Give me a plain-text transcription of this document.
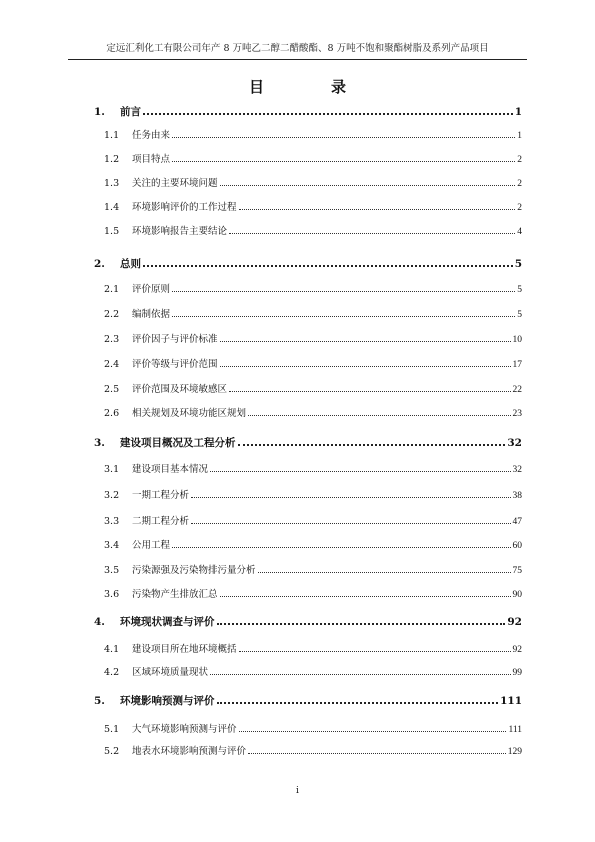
定远汇利化工有限公司年产 8 万吨乙二醇二醋酸酯、8 万吨不饱和聚酯树脂及系列产品项目
目　录
1.	前言	1
1.1	任务由来	1
1.2	项目特点	2
1.3	关注的主要环境问题	2
1.4	环境影响评价的工作过程	2
1.5	环境影响报告主要结论	4
2.	总则	5
2.1	评价原则	5
2.2	编制依据	5
2.3	评价因子与评价标准	10
2.4	评价等级与评价范围	17
2.5	评价范围及环境敏感区	22
2.6	相关规划及环境功能区规划	23
3.	建设项目概况及工程分析	32
3.1	建设项目基本情况	32
3.2	一期工程分析	38
3.3	二期工程分析	47
3.4	公用工程	60
3.5	污染源强及污染物排污量分析	75
3.6	污染物产生排放汇总	90
4.	环境现状调查与评价	92
4.1	建设项目所在地环境概括	92
4.2	区域环境质量现状	99
5.	环境影响预测与评价	111
5.1	大气环境影响预测与评价	111
5.2	地表水环境影响预测与评价	129
i
